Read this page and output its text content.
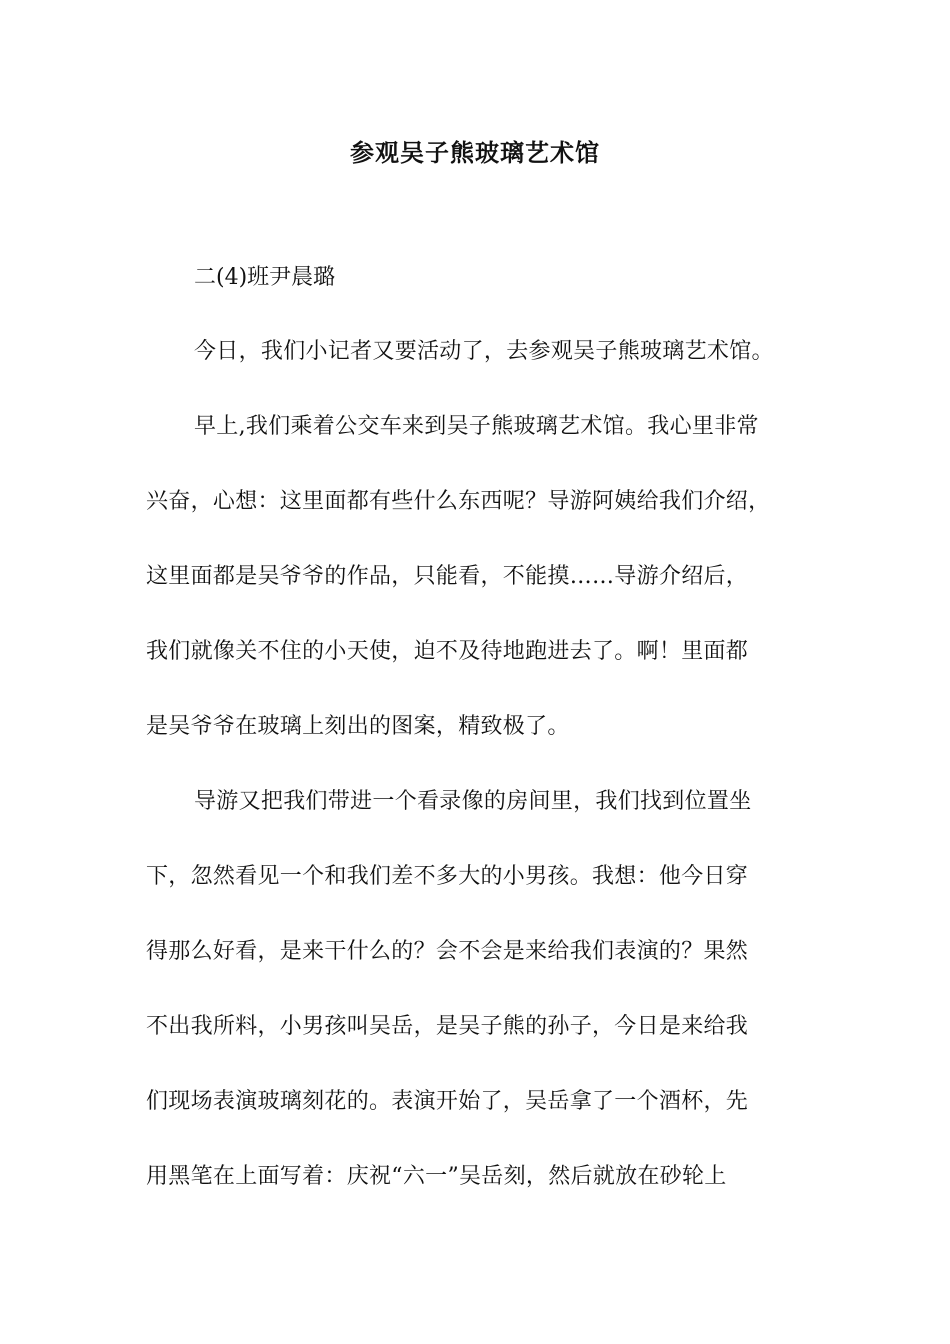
参观吴子熊玻璃艺术馆

二(4)班尹晨璐

今日，我们小记者又要活动了，去参观吴子熊玻璃艺术馆。
早上,我们乘着公交车来到吴子熊玻璃艺术馆。我心里非常
兴奋，心想：这里面都有些什么东西呢？导游阿姨给我们介绍，
这里面都是吴爷爷的作品，只能看，不能摸……导游介绍后，
我们就像关不住的小天使，迫不及待地跑进去了。啊！里面都
是吴爷爷在玻璃上刻出的图案，精致极了。
导游又把我们带进一个看录像的房间里，我们找到位置坐
下，忽然看见一个和我们差不多大的小男孩。我想：他今日穿
得那么好看，是来干什么的？会不会是来给我们表演的？果然
不出我所料，小男孩叫吴岳，是吴子熊的孙子，今日是来给我
们现场表演玻璃刻花的。表演开始了，吴岳拿了一个酒杯，先
用黑笔在上面写着：庆祝“六一”吴岳刻，然后就放在砂轮上
